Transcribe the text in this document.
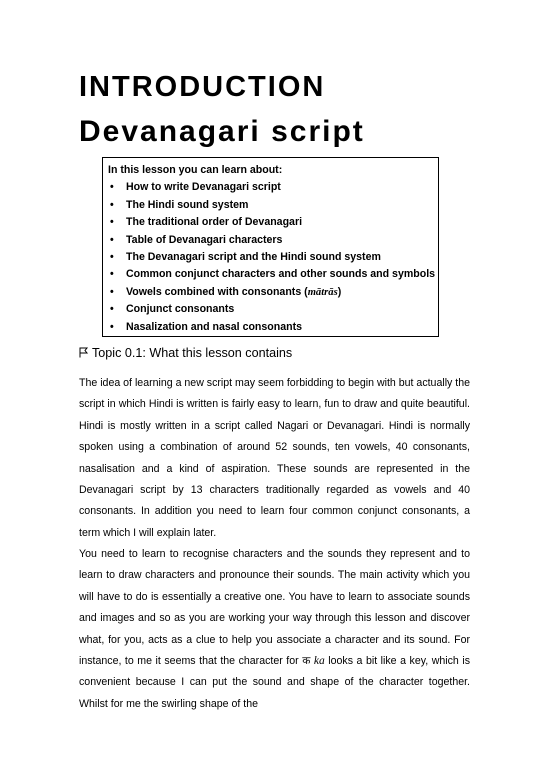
INTRODUCTION
Devanagari script
In this lesson you can learn about:
• How to write Devanagari script
• The Hindi sound system
• The traditional order of Devanagari
• Table of Devanagari characters
• The Devanagari script and the Hindi sound system
• Common conjunct characters and other sounds and symbols
• Vowels combined with consonants (mātrās)
• Conjunct consonants
• Nasalization and nasal consonants
Topic 0.1: What this lesson contains

The idea of learning a new script may seem forbidding to begin with but actually the script in which Hindi is written is fairly easy to learn, fun to draw and quite beautiful. Hindi is mostly written in a script called Nagari or Devanagari. Hindi is normally spoken using a combination of around 52 sounds, ten vowels, 40 consonants, nasalisation and a kind of aspiration. These sounds are represented in the Devanagari script by 13 characters traditionally regarded as vowels and 40 consonants. In addition you need to learn four common conjunct consonants, a term which I will explain later.

You need to learn to recognise characters and the sounds they represent and to learn to draw characters and pronounce their sounds. The main activity which you will have to do is essentially a creative one. You have to learn to associate sounds and images and so as you are working your way through this lesson and discover what, for you, acts as a clue to help you associate a character and its sound. For instance, to me it seems that the character for क ka looks a bit like a key, which is convenient because I can put the sound and shape of the character together. Whilst for me the swirling shape of the
